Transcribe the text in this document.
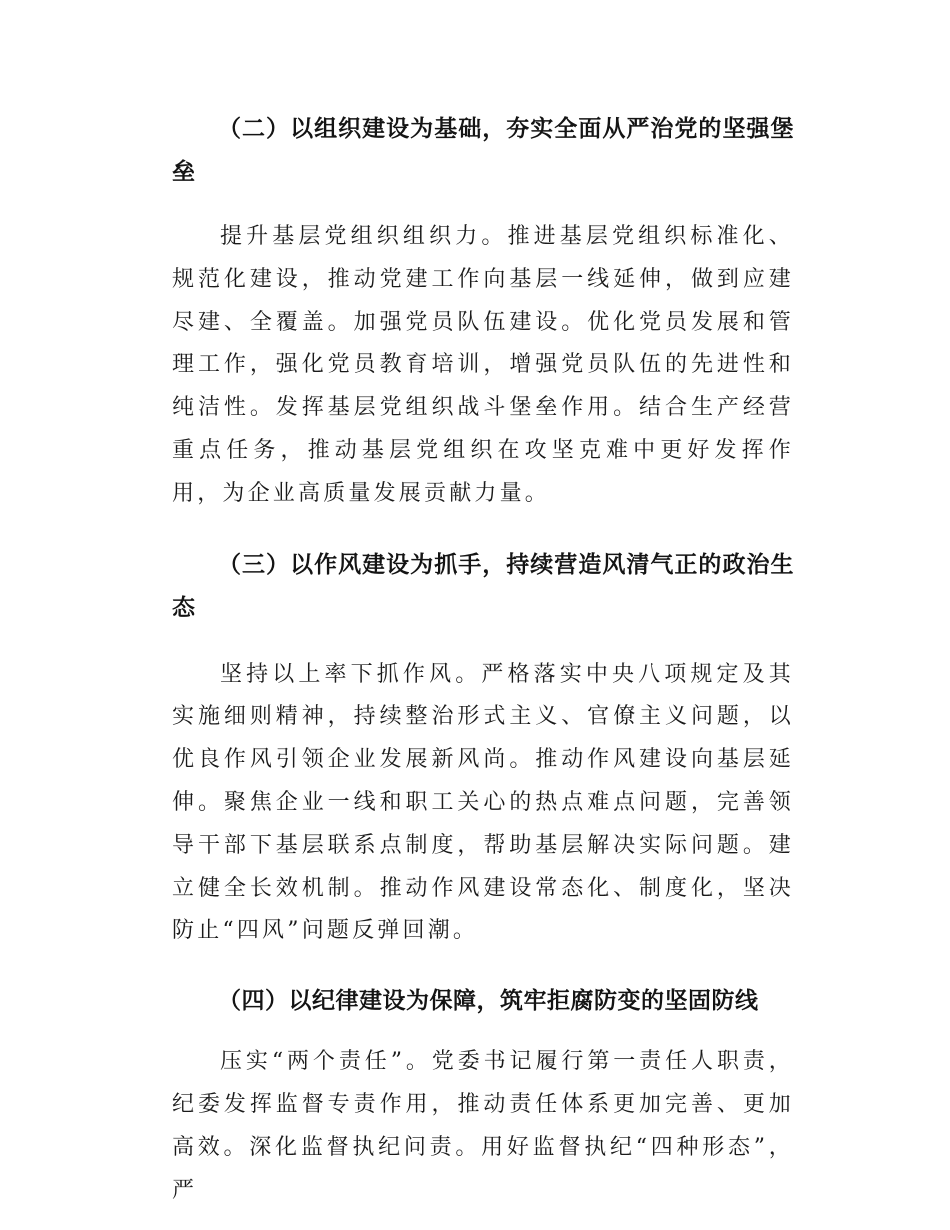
（二）以组织建设为基础，夯实全面从严治党的坚强堡垒

提升基层党组织组织力。推进基层党组织标准化、规范化建设，推动党建工作向基层一线延伸，做到应建尽建、全覆盖。加强党员队伍建设。优化党员发展和管理工作，强化党员教育培训，增强党员队伍的先进性和纯洁性。发挥基层党组织战斗堡垒作用。结合生产经营重点任务，推动基层党组织在攻坚克难中更好发挥作用，为企业高质量发展贡献力量。

（三）以作风建设为抓手，持续营造风清气正的政治生态

坚持以上率下抓作风。严格落实中央八项规定及其实施细则精神，持续整治形式主义、官僚主义问题，以优良作风引领企业发展新风尚。推动作风建设向基层延伸。聚焦企业一线和职工关心的热点难点问题，完善领导干部下基层联系点制度，帮助基层解决实际问题。建立健全长效机制。推动作风建设常态化、制度化，坚决防止“四风”问题反弹回潮。

（四）以纪律建设为保障，筑牢拒腐防变的坚固防线

压实“两个责任”。党委书记履行第一责任人职责，纪委发挥监督专责作用，推动责任体系更加完善、更加高效。深化监督执纪问责。用好监督执纪“四种形态”，严
